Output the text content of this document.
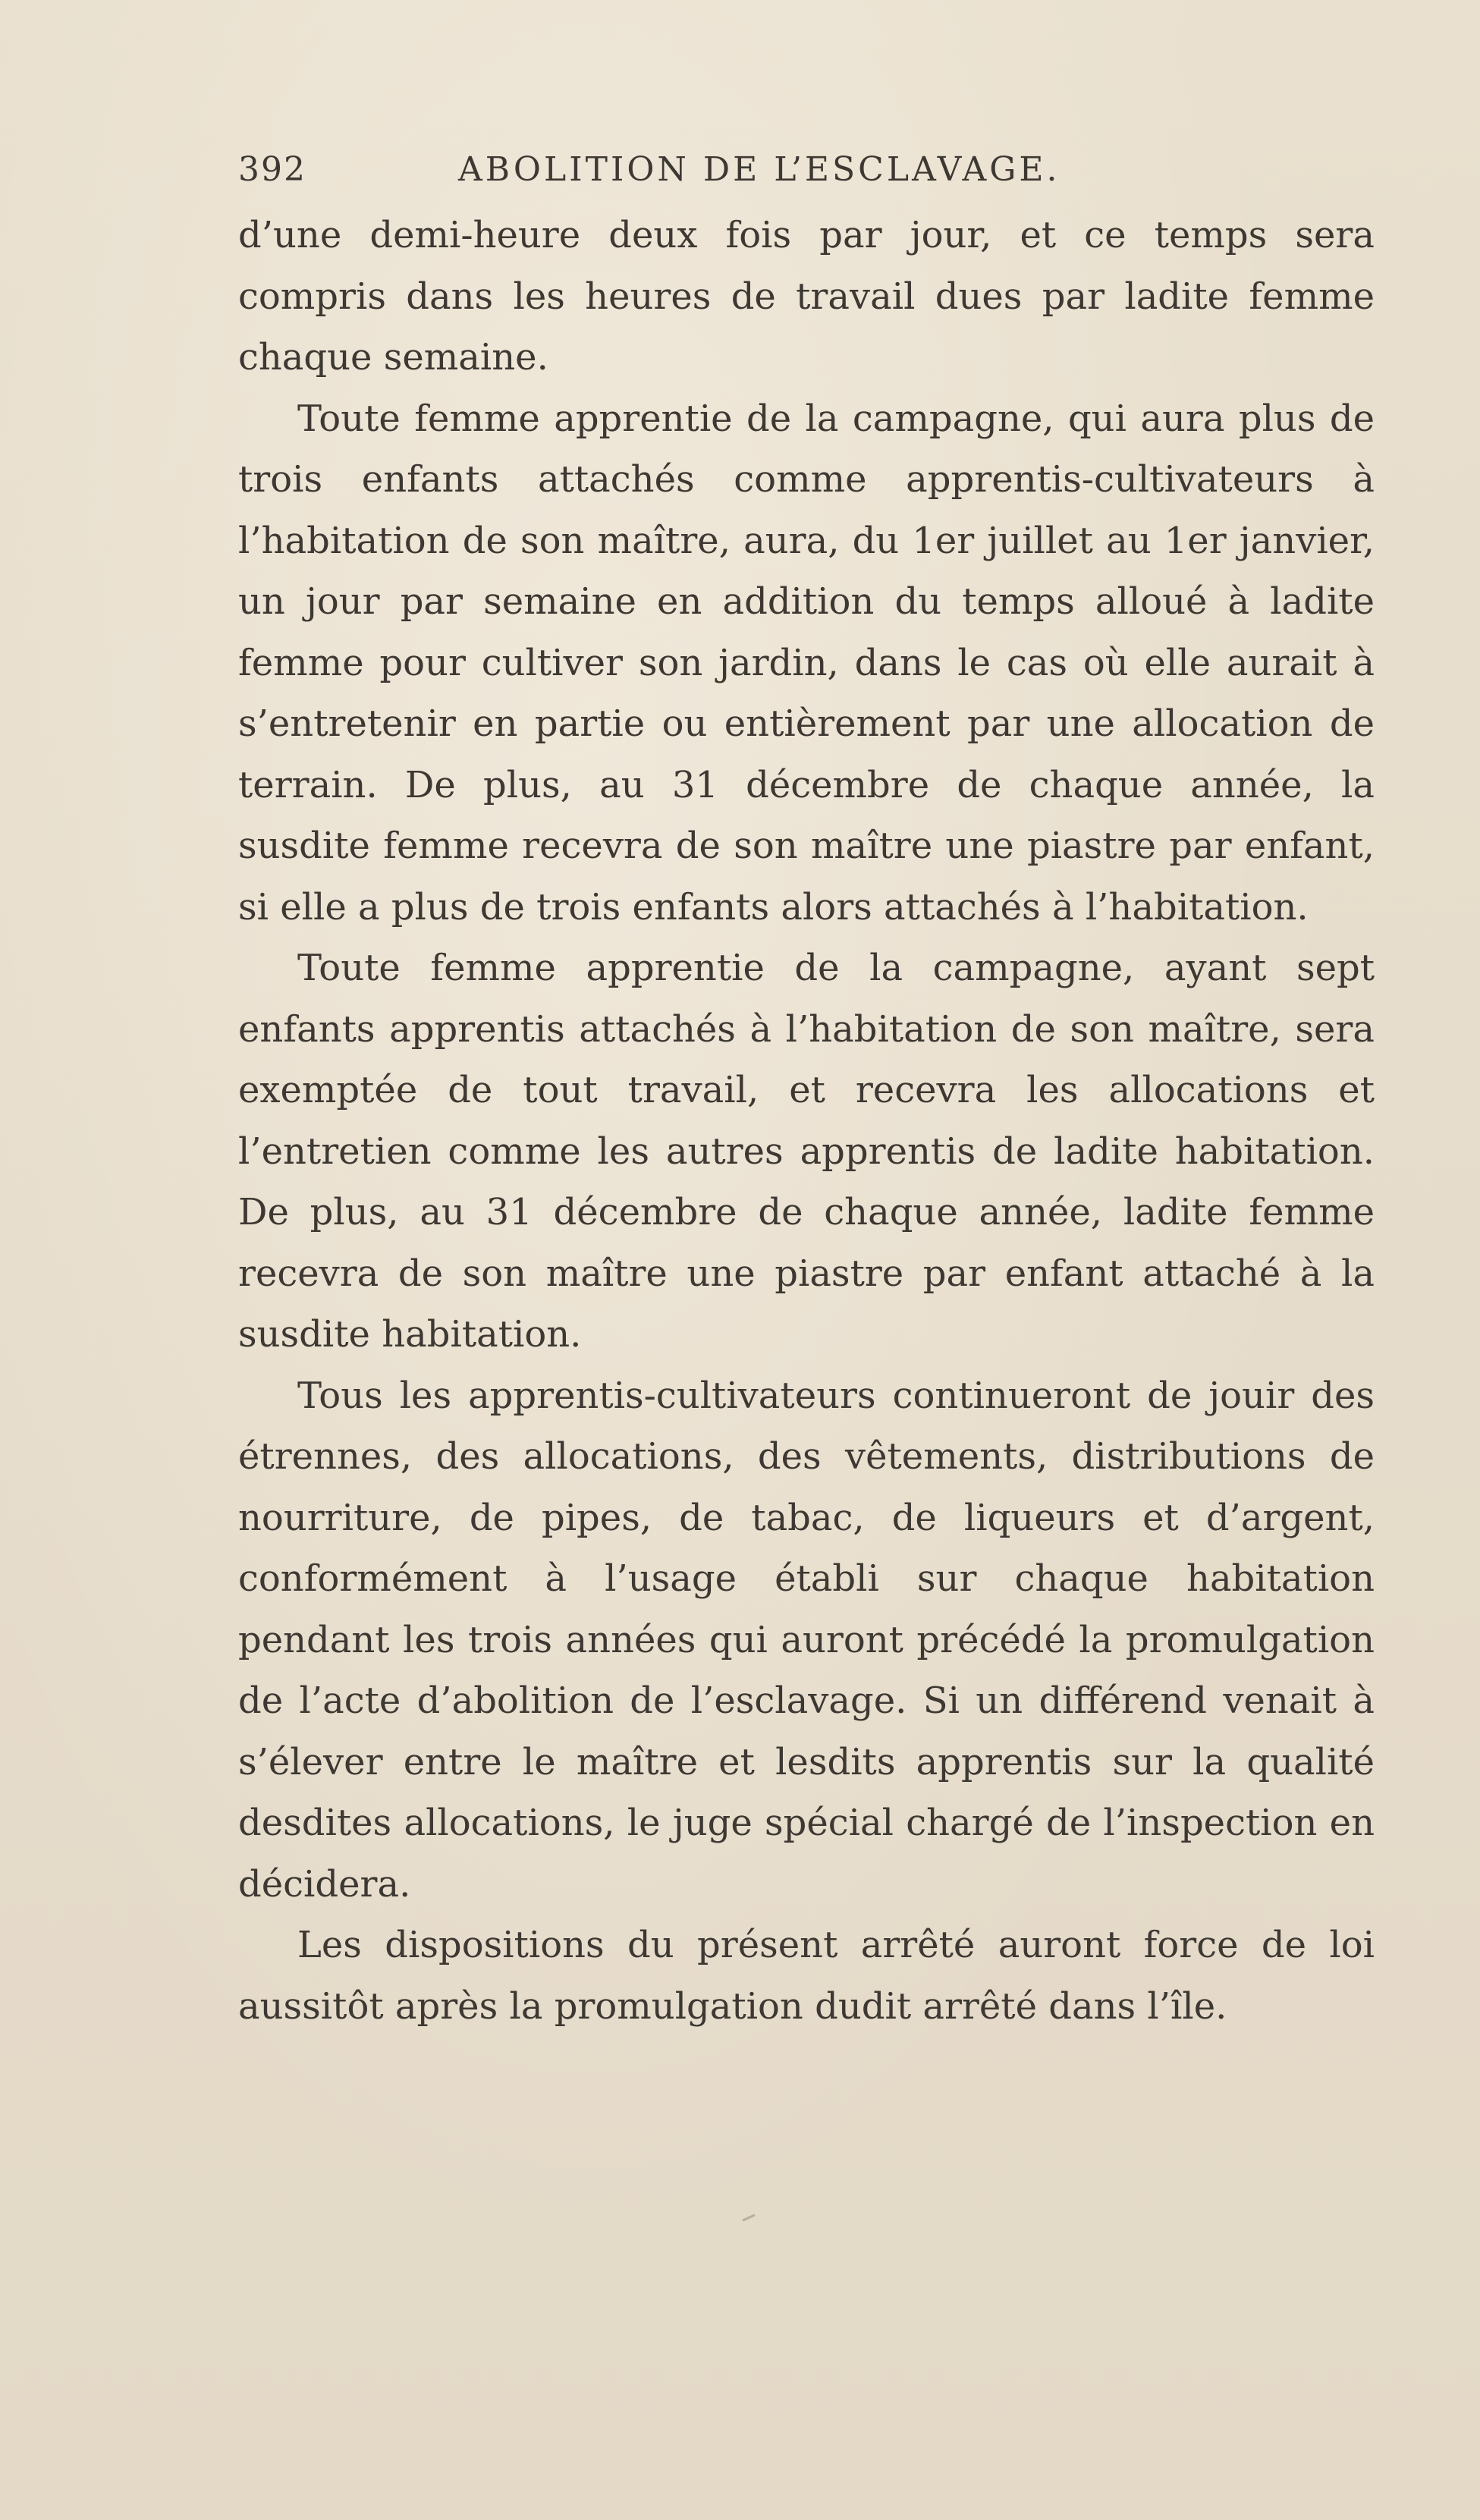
392	ABOLITION DE L’ESCLAVAGE.

d’une demi-heure deux fois par jour, et ce temps sera compris dans les heures de travail dues par ladite femme chaque semaine.

Toute femme apprentie de la campagne, qui aura plus de trois enfants attachés comme apprentis-cultivateurs à l’habitation de son maître, aura, du 1er juillet au 1er janvier, un jour par semaine en addition du temps alloué à ladite femme pour cultiver son jardin, dans le cas où elle aurait à s’entretenir en partie ou entièrement par une allocation de terrain. De plus, au 31 décembre de chaque année, la susdite femme recevra de son maître une piastre par enfant, si elle a plus de trois enfants alors attachés à l’habitation.

Toute femme apprentie de la campagne, ayant sept enfants apprentis attachés à l’habitation de son maître, sera exemptée de tout travail, et recevra les allocations et l’entretien comme les autres apprentis de ladite habitation. De plus, au 31 décembre de chaque année, ladite femme recevra de son maître une piastre par enfant attaché à la susdite habitation.

Tous les apprentis-cultivateurs continueront de jouir des étrennes, des allocations, des vêtements, distributions de nourriture, de pipes, de tabac, de liqueurs et d’argent, conformément à l’usage établi sur chaque habitation pendant les trois années qui auront précédé la promulgation de l’acte d’abolition de l’esclavage. Si un différend venait à s’élever entre le maître et lesdits apprentis sur la qualité desdites allocations, le juge spécial chargé de l’inspection en décidera.

Les dispositions du présent arrêté auront force de loi aussitôt après la promulgation dudit arrêté dans l’île.
